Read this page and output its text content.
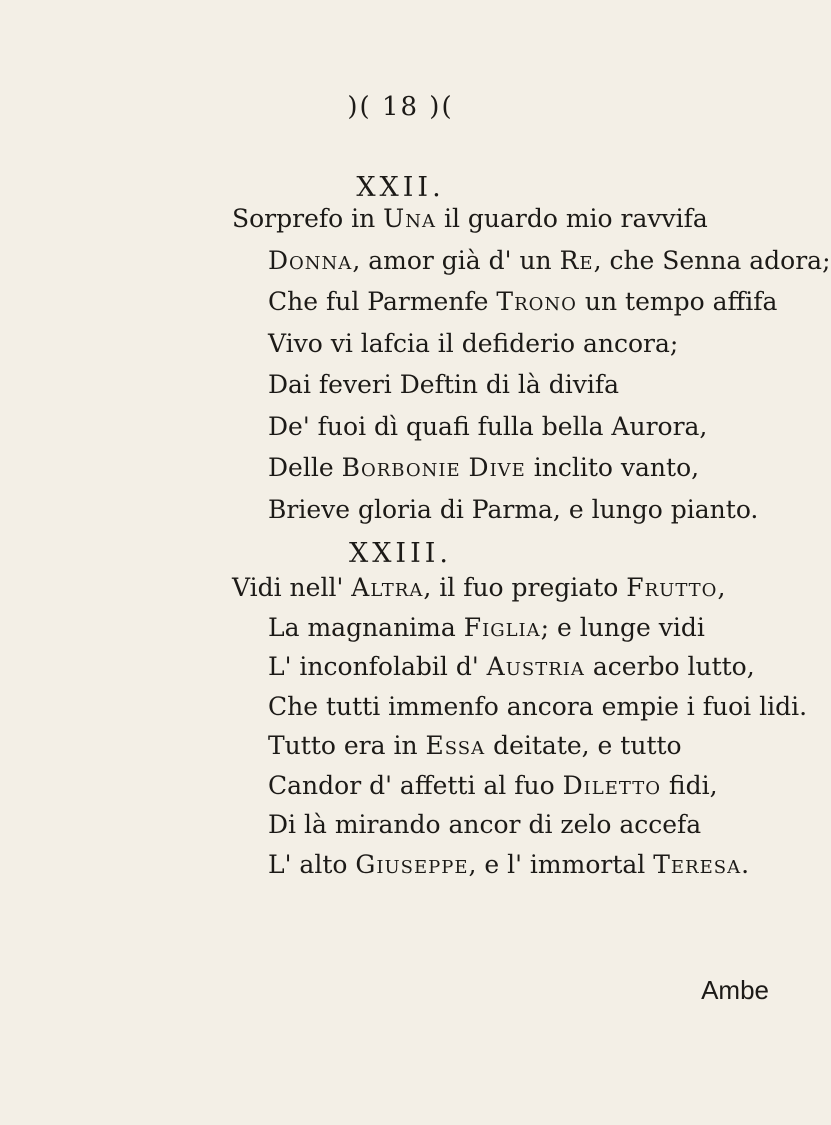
)( 18 )(
XXII.
Sorprefo in Una il guardo mio ravvifa
Donna, amor già d' un Re, che Senna adora;
Che ful Parmenfe Trono un tempo affifa
Vivo vi lafcia il defiderio ancora;
Dai feveri Deftin di là divifa
De' fuoi dì quafi fulla bella Aurora,
Delle Borbonie Dive inclito vanto,
Brieve gloria di Parma, e lungo pianto.
XXIII.
Vidi nell' Altra, il fuo pregiato Frutto,
La magnanima Figlia; e lunge vidi
L' inconfolabil d' Austria acerbo lutto,
Che tutti immenfo ancora empie i fuoi lidi.
Tutto era in Essa deitate, e tutto
Candor d' affetti al fuo Diletto fidi,
Di là mirando ancor di zelo accefa
L' alto Giuseppe, e l' immortal Teresa.
Ambe
